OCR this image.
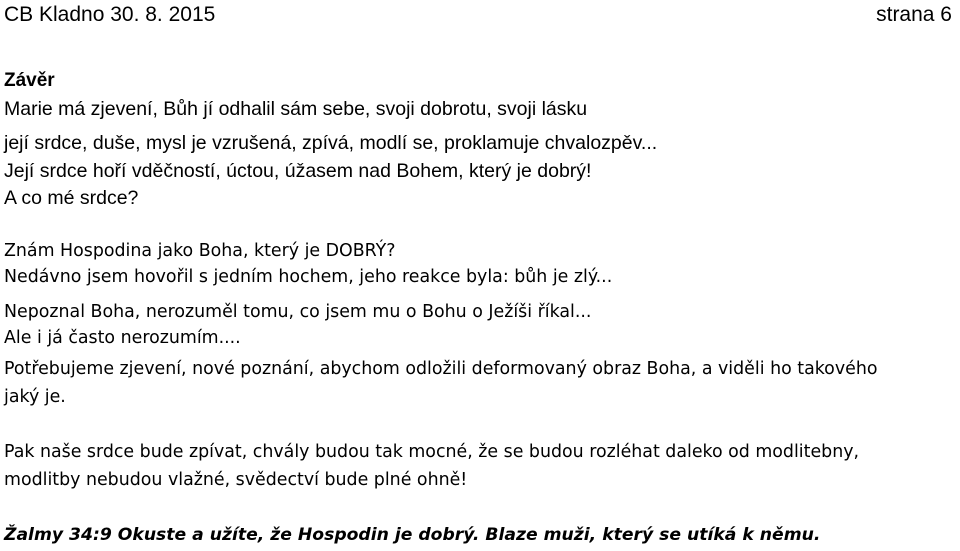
CB Kladno 30. 8. 2015	strana 6
Závěr
Marie má zjevení, Bůh jí odhalil sám sebe, svoji dobrotu, svoji lásku
její srdce, duše, mysl je vzrušená, zpívá, modlí se, proklamuje chvalozpěv...
Její srdce hoří vděčností, úctou, úžasem nad Bohem, který je dobrý!
A co mé srdce?
Znám Hospodina jako Boha, který je DOBRÝ?
Nedávno jsem hovořil s jedním hochem, jeho reakce byla: bůh je zlý...
Nepoznal Boha, nerozuměl tomu, co jsem mu o Bohu o Ježíši říkal...
Ale i já často nerozumím....
Potřebujeme zjevení, nové poznání, abychom odložili deformovaný obraz Boha, a viděli ho takového
jaký je.
Pak naše srdce bude zpívat, chvály budou tak mocné, že se budou rozléhat daleko od modlitebny,
modlitby nebudou vlažné, svědectví bude plné ohně!
Žalmy 34:9 Okuste a užíte, že Hospodin je dobrý. Blaze muži, který se utíká k němu.
